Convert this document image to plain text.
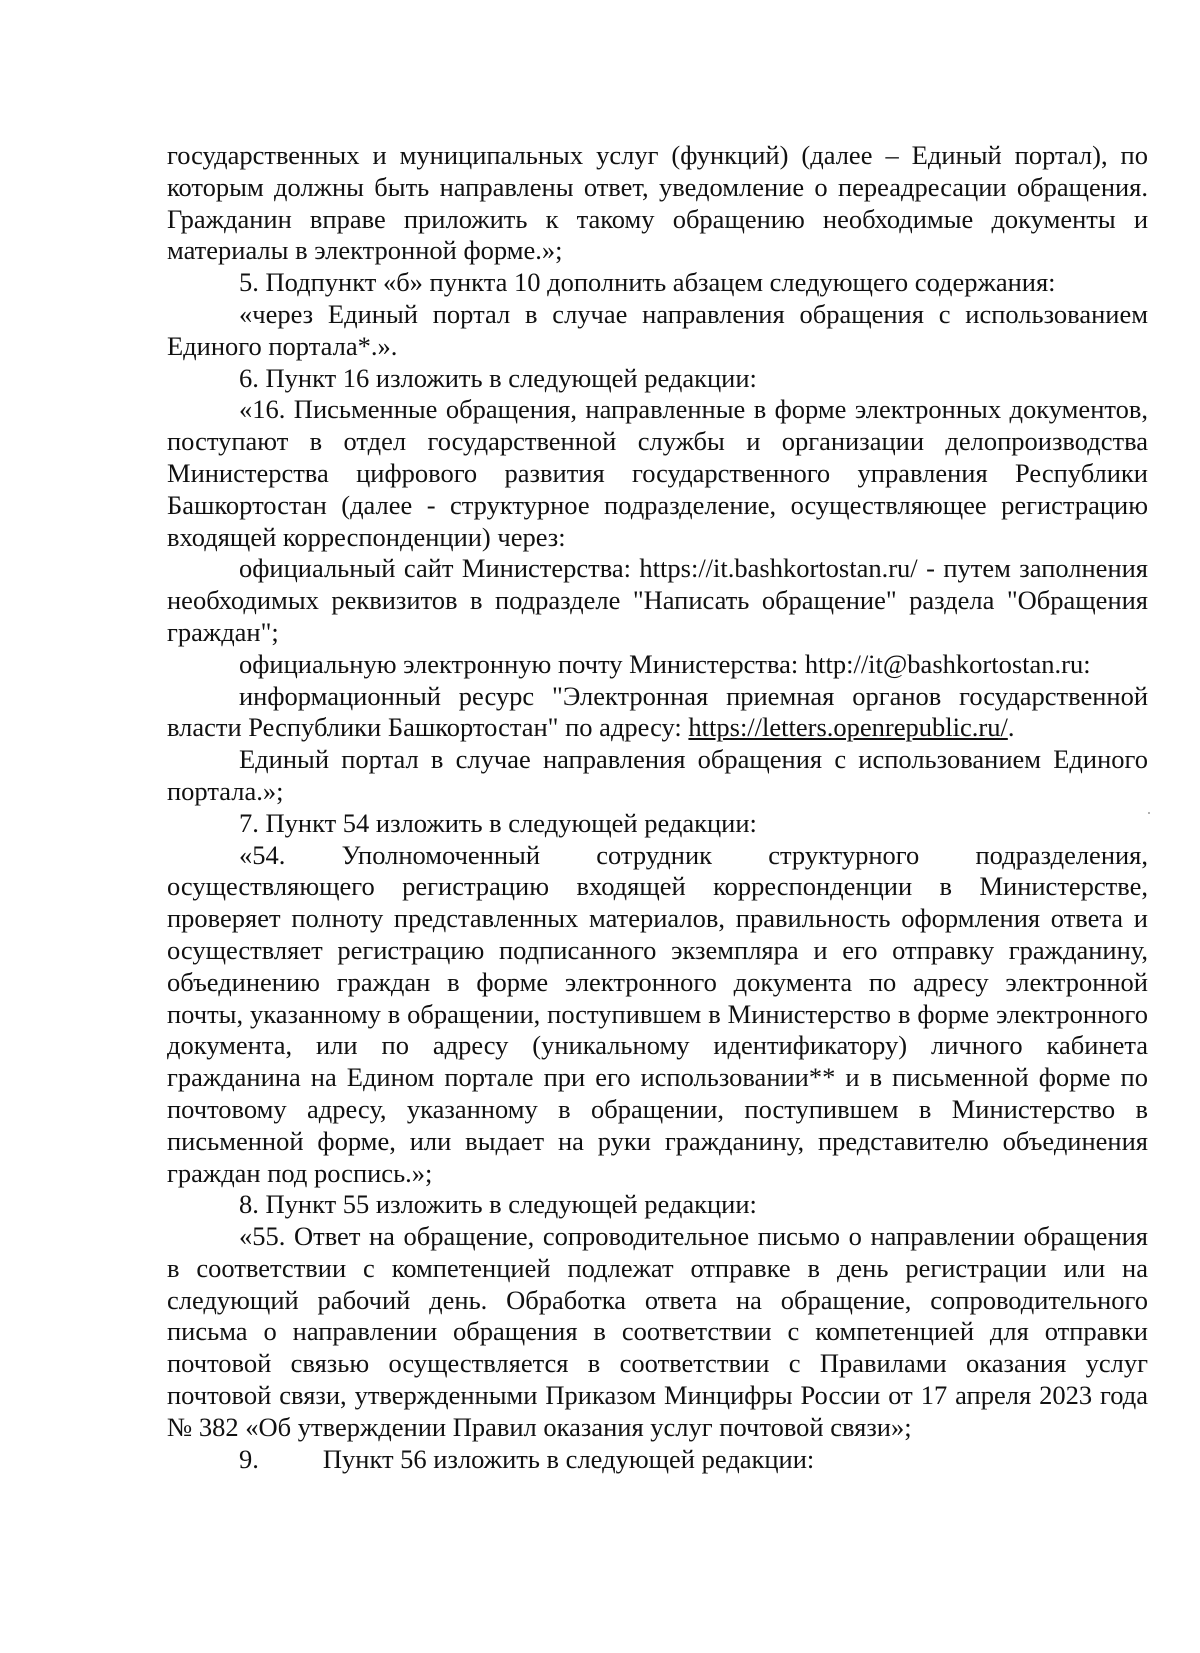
государственных и муниципальных услуг (функций) (далее – Единый портал), по которым должны быть направлены ответ, уведомление о переадресации обращения. Гражданин вправе приложить к такому обращению необходимые документы и материалы в электронной форме.»;

5. Подпункт «б» пункта 10 дополнить абзацем следующего содержания:

«через Единый портал в случае направления обращения с использованием Единого портала*.».

6. Пункт 16 изложить в следующей редакции:

«16. Письменные обращения, направленные в форме электронных документов, поступают в отдел государственной службы и организации делопроизводства Министерства цифрового развития государственного управления Республики Башкортостан (далее - структурное подразделение, осуществляющее регистрацию входящей корреспонденции) через:

официальный сайт Министерства: https://it.bashkortostan.ru/ - путем заполнения необходимых реквизитов в подразделе "Написать обращение" раздела "Обращения граждан";

официальную электронную почту Министерства: http://it@bashkortostan.ru:

информационный ресурс "Электронная приемная органов государственной власти Республики Башкортостан" по адресу: https://letters.openrepublic.ru/.

Единый портал в случае направления обращения с использованием Единого портала.»;

7. Пункт 54 изложить в следующей редакции:

«54. Уполномоченный сотрудник структурного подразделения, осуществляющего регистрацию входящей корреспонденции в Министерстве, проверяет полноту представленных материалов, правильность оформления ответа и осуществляет регистрацию подписанного экземпляра и его отправку гражданину, объединению граждан в форме электронного документа по адресу электронной почты, указанному в обращении, поступившем в Министерство в форме электронного документа, или по адресу (уникальному идентификатору) личного кабинета гражданина на Едином портале при его использовании** и в письменной форме по почтовому адресу, указанному в обращении, поступившем в Министерство в письменной форме, или выдает на руки гражданину, представителю объединения граждан под роспись.»;

8. Пункт 55 изложить в следующей редакции:

«55. Ответ на обращение, сопроводительное письмо о направлении обращения в соответствии с компетенцией подлежат отправке в день регистрации или на следующий рабочий день. Обработка ответа на обращение, сопроводительного письма о направлении обращения в соответствии с компетенцией для отправки почтовой связью осуществляется в соответствии с Правилами оказания услуг почтовой связи, утвержденными Приказом Минцифры России от 17 апреля 2023 года № 382 «Об утверждении Правил оказания услуг почтовой связи»;

9. Пункт 56 изложить в следующей редакции:
